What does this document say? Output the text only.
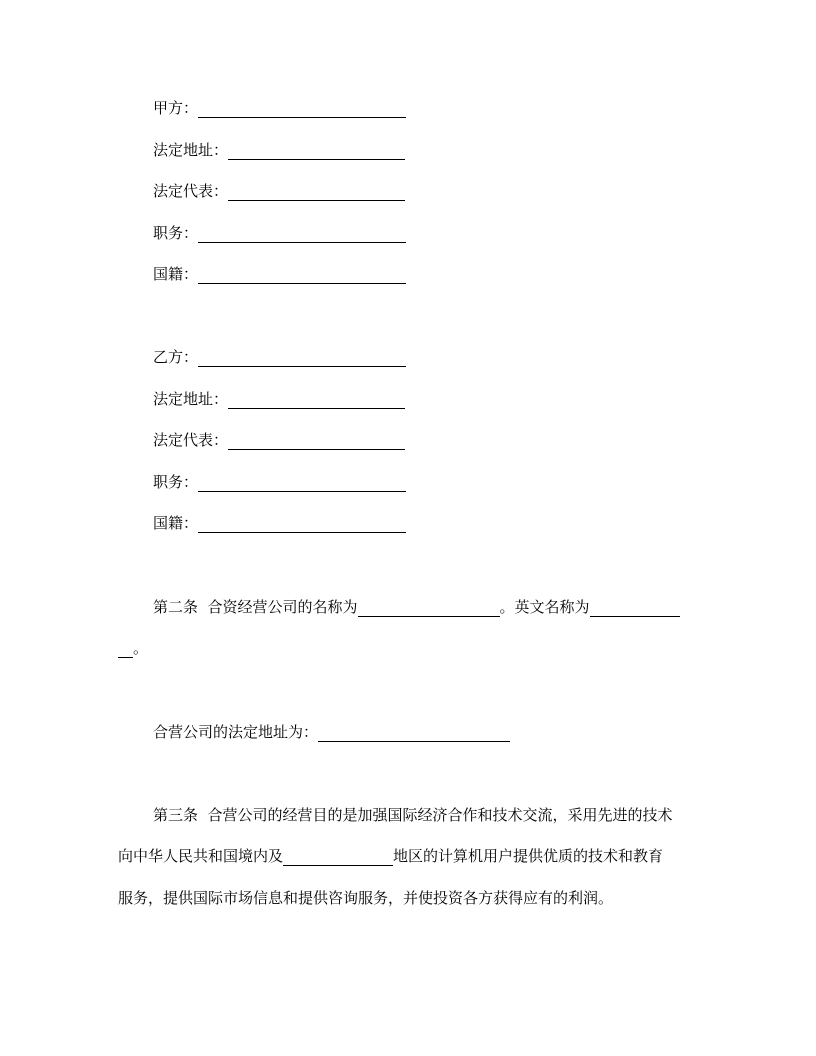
甲方：
法定地址：
法定代表：
职务：
国籍：
乙方：
法定地址：
法定代表：
职务：
国籍：
第二条  合资经营公司的名称为	。英文名称为
。
合营公司的法定地址为：
第三条  合营公司的经营目的是加强国际经济合作和技术交流，采用先进的技术
向中华人民共和国境内及	地区的计算机用户提供优质的技术和教育
服务，提供国际市场信息和提供咨询服务，并使投资各方获得应有的利润。
